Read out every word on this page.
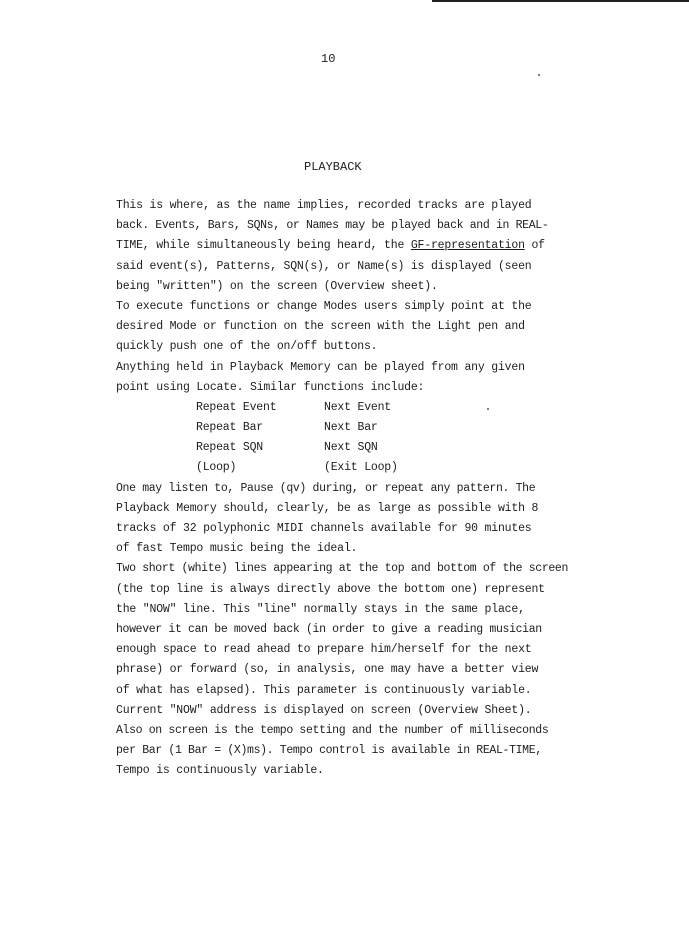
10
PLAYBACK
This is where, as the name implies, recorded tracks are played
back. Events, Bars, SQNs, or Names may be played back and in REAL-
TIME, while simultaneously being heard, the GF-representation of
said event(s), Patterns, SQN(s), or Name(s) is displayed (seen
being "written") on the screen (Overview sheet).
To execute functions or change Modes users simply point at the
desired Mode or function on the screen with the Light pen and
quickly push one of the on/off buttons.
Anything held in Playback Memory can be played from any given
point using Locate. Similar functions include:
Repeat Event	Next Event
Repeat Bar	Next Bar
Repeat SQN	Next SQN
(Loop)	(Exit Loop)
One may listen to, Pause (qv) during, or repeat any pattern. The
Playback Memory should, clearly, be as large as possible with 8
tracks of 32 polyphonic MIDI channels available for 90 minutes
of fast Tempo music being the ideal.
Two short (white) lines appearing at the top and bottom of the screen
(the top line is always directly above the bottom one) represent
the "NOW" line. This "line" normally stays in the same place,
however it can be moved back (in order to give a reading musician
enough space to read ahead to prepare him/herself for the next
phrase) or forward (so, in analysis, one may have a better view
of what has elapsed). This parameter is continuously variable.
Current "NOW" address is displayed on screen (Overview Sheet).
Also on screen is the tempo setting and the number of milliseconds
per Bar (1 Bar = (X)ms). Tempo control is available in REAL-TIME,
Tempo is continuously variable.
